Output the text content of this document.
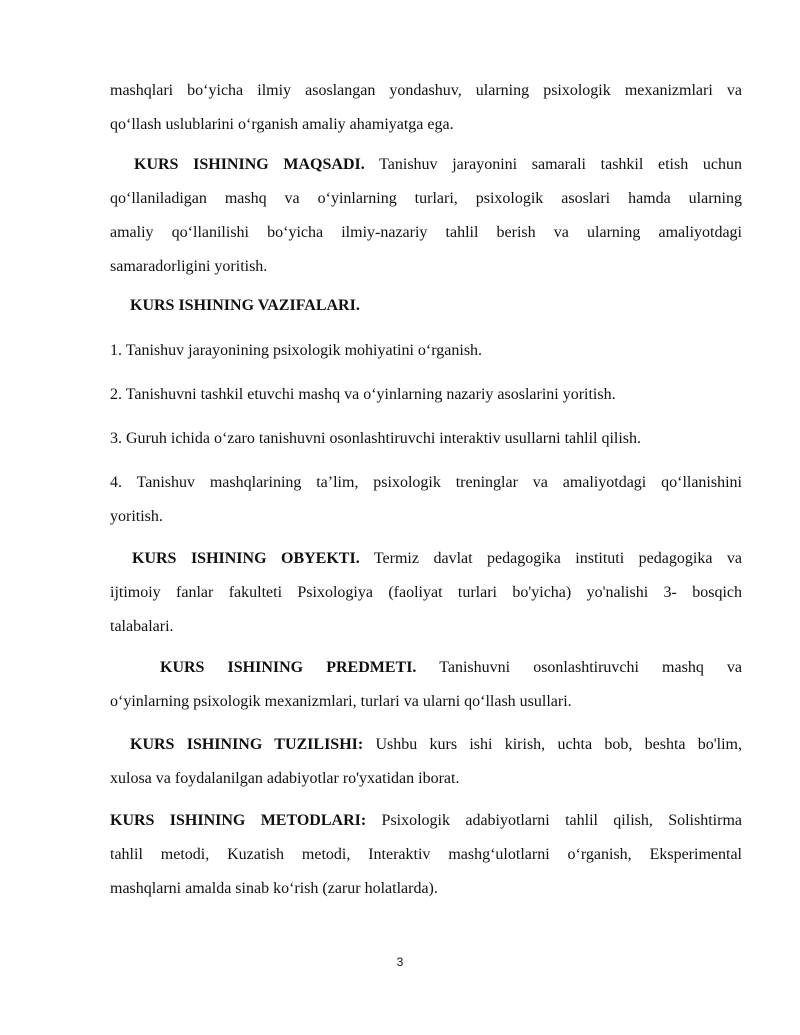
mashqlari bo‘yicha ilmiy asoslangan yondashuv, ularning psixologik mexanizmlari va
qo‘llash uslublarini o‘rganish amaliy ahamiyatga ega.
KURS ISHINING MAQSADI. Tanishuv jarayonini samarali tashkil etish uchun
qo‘llaniladigan mashq va o‘yinlarning turlari, psixologik asoslari hamda ularning
amaliy qo‘llanilishi bo‘yicha ilmiy-nazariy tahlil berish va ularning amaliyotdagi
samaradorligini yoritish.
KURS ISHINING VAZIFALARI.
1. Tanishuv jarayonining psixologik mohiyatini o‘rganish.
2. Tanishuvni tashkil etuvchi mashq va o‘yinlarning nazariy asoslarini yoritish.
3. Guruh ichida o‘zaro tanishuvni osonlashtiruvchi interaktiv usullarni tahlil qilish.
4. Tanishuv mashqlarining ta’lim, psixologik treninglar va amaliyotdagi qo‘llanishini
yoritish.
KURS ISHINING OBYEKTI. Termiz davlat pedagogika instituti pedagogika va
ijtimoiy fanlar fakulteti Psixologiya (faoliyat turlari bo'yicha) yo'nalishi 3- bosqich
talabalari.
KURS ISHINING PREDMETI. Tanishuvni osonlashtiruvchi mashq va
o‘yinlarning psixologik mexanizmlari, turlari va ularni qo‘llash usullari.
KURS ISHINING TUZILISHI: Ushbu kurs ishi kirish, uchta bob, beshta bo'lim,
xulosa va foydalanilgan adabiyotlar ro'yxatidan iborat.
KURS ISHINING METODLARI: Psixologik adabiyotlarni tahlil qilish, Solishtirma
tahlil metodi, Kuzatish metodi, Interaktiv mashg‘ulotlarni o‘rganish, Eksperimental
mashqlarni amalda sinab ko‘rish (zarur holatlarda).
3
